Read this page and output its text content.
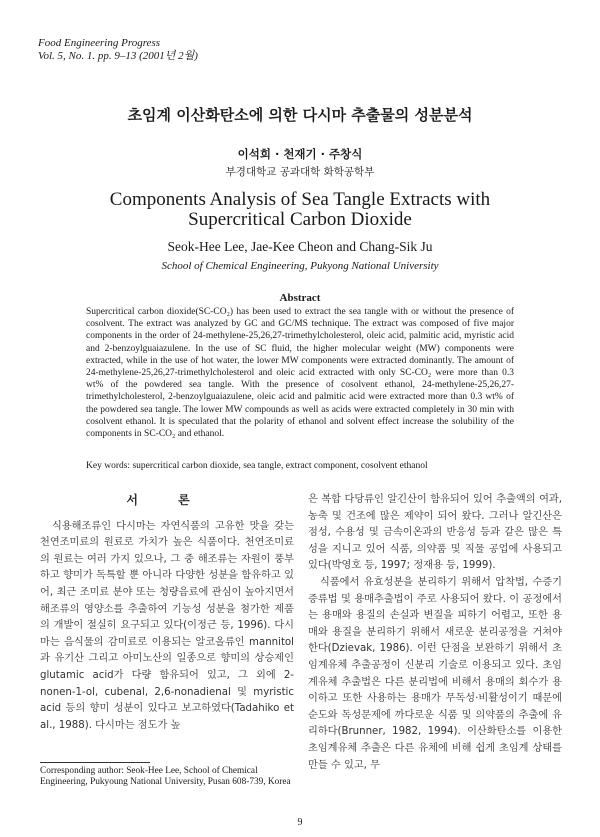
Food Engineering Progress
Vol. 5, No. 1. pp. 9–13 (2001년 2월)
초임계 이산화탄소에 의한 다시마 추출물의 성분분석
이석희 · 천재기 · 주창식
부경대학교 공과대학 화학공학부
Components Analysis of Sea Tangle Extracts with Supercritical Carbon Dioxide
Seok-Hee Lee, Jae-Kee Cheon and Chang-Sik Ju
School of Chemical Engineering, Pukyong National University
Abstract
Supercritical carbon dioxide(SC-CO₂) has been used to extract the sea tangle with or without the presence of cosolvent. The extract was analyzed by GC and GC/MS technique. The extract was composed of five major components in the order of 24-methylene-25,26,27-trimethylcholesterol, oleic acid, palmitic acid, myristic acid and 2-benzoylguaiazulene. In the use of SC fluid, the higher molecular weight (MW) components were extracted, while in the use of hot water, the lower MW components were extracted dominantly. The amount of 24-methylene-25,26,27-trimethylcholesterol and oleic acid extracted with only SC-CO₂ were more than 0.3 wt% of the powdered sea tangle. With the presence of cosolvent ethanol, 24-methylene-25,26,27-trimethylcholesterol, 2-benzoylguaiazulene, oleic acid and palmitic acid were extracted more than 0.3 wt% of the powdered sea tangle. The lower MW compounds as well as acids were extracted completely in 30 min with cosolvent ethanol. It is speculated that the polarity of ethanol and solvent effect increase the solubility of the components in SC-CO₂ and ethanol.
Key words: supercritical carbon dioxide, sea tangle, extract component, cosolvent ethanol
서 론

식용해조류인 다시마는 자연식품의 고유한 맛을 갖는 천연조미료의 원료로 가치가 높은 식품이다. 천연조미료의 원료는 여러 가지 있으나, 그 중 해조류는 자원이 풍부하고 향미가 독특할 뿐 아니라 다양한 성분을 함유하고 있어, 최근 조미료 분야 또는 청량음료에 관심이 높아지면서 해조류의 영양소를 추출하여 기능성 성분을 첨가한 제품의 개발이 절실히 요구되고 있다(이정근 등, 1996). 다시마는 음식물의 감미료로 이용되는 알코올류인 mannitol과 유기산 그리고 아미노산의 일종으로 향미의 상승제인 glutamic acid가 다량 함유되어 있고, 그 외에 2-nonen-1-ol, cubenal, 2,6-nonadienal 및 myristic acid 등의 향미 성분이 있다고 보고하였다(Tadahiko et al., 1988). 다시마는 점도가 높

은 복합 다당류인 알긴산이 함유되어 있어 추출액의 여과, 농축 및 건조에 많은 제약이 되어 왔다. 그러나 알긴산은 점성, 수용성 및 금속이온과의 반응성 등과 같은 많은 특성을 지니고 있어 식품, 의약품 및 직물 공업에 사용되고 있다(박영호 등, 1997; 정재용 등, 1999).

식품에서 유효성분을 분리하기 위해서 압착법, 수증기 증류법 및 용매추출법이 주로 사용되어 왔다. 이 공정에서는 용매와 용질의 손실과 변질을 피하기 어렵고, 또한 용매와 용질을 분리하기 위해서 새로운 분리공정을 거쳐야 한다(Dzievak, 1986). 이런 단점을 보완하기 위해서 초임계유체 추출공정이 신분리 기술로 이용되고 있다. 초임계유체 추출법은 다른 분리법에 비해서 용매의 회수가 용이하고 또한 사용하는 용매가 무독성·비활성이기 때문에 순도와 독성문제에 까다로운 식품 및 의약품의 추출에 유리하다(Brunner, 1982, 1994). 이산화탄소를 이용한 초임계유체 추출은 다른 유체에 비해 쉽게 초임계 상태를 만들 수 있고, 무

Corresponding author: Seok-Hee Lee, School of Chemical Engineering, Pukyoung National University, Pusan 608-739, Korea
9
